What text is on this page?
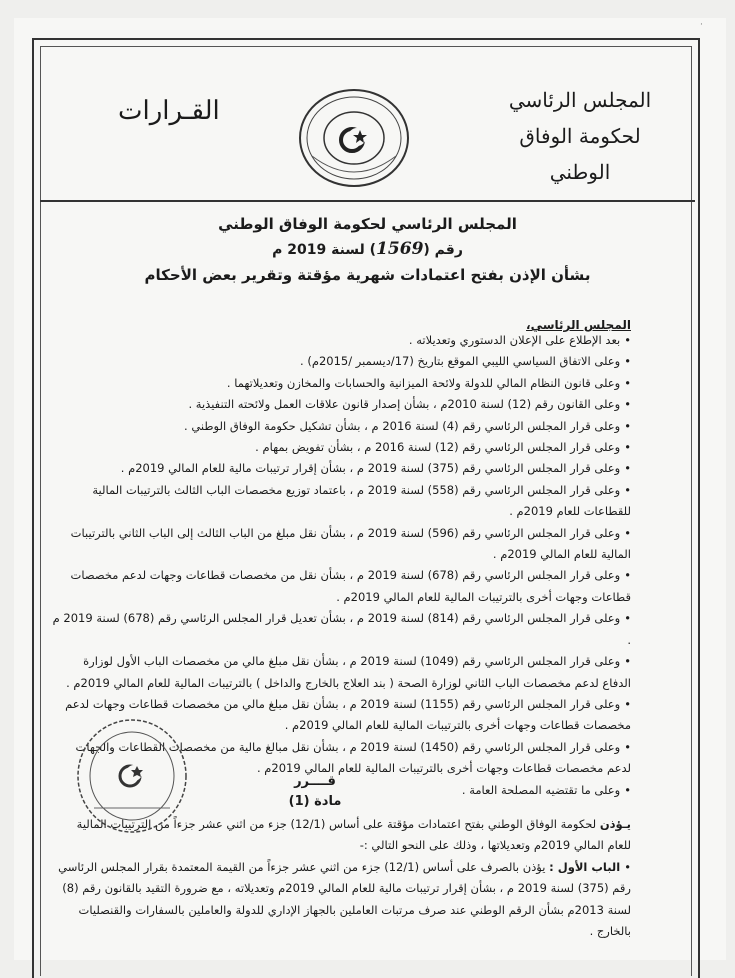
·
المجلس الرئاسي
لحكومة الوفاق الوطني
القـرارات
المجلس الرئاسي لحكومة الوفاق الوطني
رقم (1569) لسنة 2019 م
بشأن الإذن بفتح اعتمادات شهرية مؤقتة وتقرير بعض الأحكام
المجلس الرئاسي،

•بعد الإطلاع على الإعلان الدستوري وتعديلاته .

•وعلى الاتفاق السياسي الليبي الموقع بتاريخ (17/ديسمبر /2015م) .

•وعلى قانون النظام المالي للدولة ولائحة الميزانية والحسابات والمخازن وتعديلاتهما .

•وعلى القانون رقم (12) لسنة 2010م ، بشأن إصدار قانون علاقات العمل ولائحته التنفيذية .

•وعلى قرار المجلس الرئاسي رقم (4) لسنة 2016 م ، بشأن تشكيل حكومة الوفاق الوطني .

•وعلى قرار المجلس الرئاسي رقم (12) لسنة 2016 م ، بشأن تفويض بمهام .

•وعلى قرار المجلس الرئاسي رقم (375) لسنة 2019 م ، بشأن إقرار ترتيبات مالية للعام المالي 2019م .

•وعلى قرار المجلس الرئاسي رقم (558) لسنة 2019 م ، باعتماد توزيع مخصصات الباب الثالث بالترتيبات المالية للقطاعات للعام 2019م .

•وعلى قرار المجلس الرئاسي رقم (596) لسنة 2019 م ، بشأن نقل مبلغ من الباب الثالث إلى الباب الثاني بالترتيبات المالية للعام المالي 2019م .

•وعلى قرار المجلس الرئاسي رقم (678) لسنة 2019 م ، بشأن نقل من مخصصات قطاعات وجهات لدعم مخصصات قطاعات وجهات أخرى بالترتيبات المالية للعام المالي 2019م .

•وعلى قرار المجلس الرئاسي رقم (814) لسنة 2019 م ، بشأن تعديل قرار المجلس الرئاسي رقم (678) لسنة 2019 م .

•وعلى قرار المجلس الرئاسي رقم (1049) لسنة 2019 م ، بشأن نقل مبلغ مالي من مخصصات الباب الأول لوزارة الدفاع لدعم مخصصات الباب الثاني لوزارة الصحة ( بند العلاج بالخارج والداخل ) بالترتيبات المالية للعام المالي 2019م .

•وعلى قرار المجلس الرئاسي رقم (1155) لسنة 2019 م ، بشأن نقل مبلغ مالي من مخصصات قطاعات وجهات لدعم مخصصات قطاعات وجهات أخرى بالترتيبات المالية للعام المالي 2019م .

•وعلى قرار المجلس الرئاسي رقم (1450) لسنة 2019 م ، بشأن نقل مبالغ مالية من مخصصات القطاعات والجهات لدعم مخصصات قطاعات وجهات أخرى بالترتيبات المالية للعام المالي 2019م .

•وعلى ما تقتضيه المصلحة العامة .

قــــرر
مادة (1)

يـؤذن لحكومة الوفاق الوطني بفتح اعتمادات مؤقتة على أساس (12/1) جزء من اثني عشر جزءاً من الترتيبات المالية للعام المالي 2019م وتعديلاتها ، وذلك على النحو التالي :-

•الباب الأول : يؤذن بالصرف على أساس (12/1) جزء من اثني عشر جزءاً من القيمة المعتمدة بقرار المجلس الرئاسي رقم (375) لسنة 2019 م ، بشأن إقرار ترتيبات مالية للعام المالي 2019م وتعديلاته ، مع ضرورة التقيد بالقانون رقم (8) لسنة 2013م بشأن الرقم الوطني عند صرف مرتبات العاملين بالجهاز الإداري للدولة والعاملين بالسفارات والقنصليات بالخارج .
